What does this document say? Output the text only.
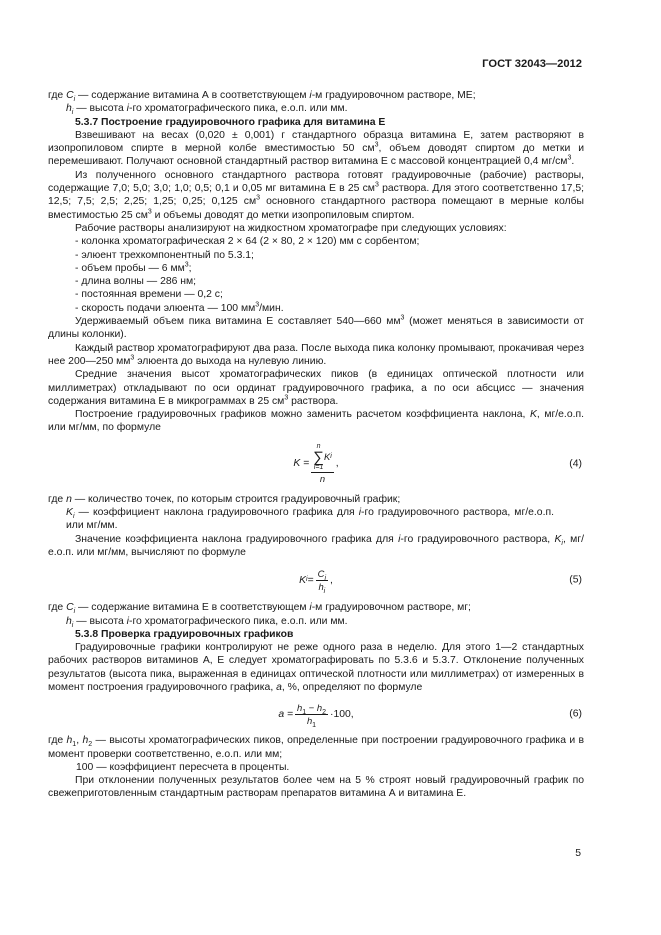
ГОСТ 32043—2012

где $C_i$ — содержание витамина А в соответствующем i-м градуировочном растворе, МЕ;

$h_i$ — высота i-го хроматографического пика, е.о.п. или мм.

5.3.7 Построение градуировочного графика для витамина Е

Взвешивают на весах (0,020 ± 0,001) г стандартного образца витамина Е, затем растворяют в изопропиловом спирте в мерной колбе вместимостью 50 $см^3$, объем доводят спиртом до метки и перемешивают. Получают основной стандартный раствор витамина Е с массовой концентрацией 0,4 $мг/см^3$.

Из полученного основного стандартного раствора готовят градуировочные (рабочие) растворы, содержащие 7,0; 5,0; 3,0; 1,0; 0,5; 0,1 и 0,05 мг витамина Е в 25 $см^3$ раствора. Для этого соответственно 17,5; 12,5; 7,5; 2,5; 2,25; 1,25; 0,25; 0,125 $см^3$ основного стандартного раствора помещают в мерные колбы вместимостью 25 $см^3$ и объемы доводят до метки изопропиловым спиртом.

Рабочие растворы анализируют на жидкостном хроматографе при следующих условиях:

- колонка хроматографическая 2 × 64 (2 × 80, 2 × 120) мм с сорбентом;

- элюент трехкомпонентный по 5.3.1;

- объем пробы — 6 $мм^3$;

- длина волны — 286 нм;

- постоянная времени — 0,2 с;

- скорость подачи элюента — 100 $мм^3$/мин.

Удерживаемый объем пика витамина Е составляет 540—660 $мм^3$ (может меняться в зависимости от длины колонки).

Каждый раствор хроматографируют два раза. После выхода пика колонку промывают, прокачивая через нее 200—250 $мм^3$ элюента до выхода на нулевую линию.

Средние значения высот хроматографических пиков (в единицах оптической плотности или миллиметрах) откладывают по оси ординат градуировочного графика, а по оси абсцисс — значения содержания витамина Е в микрограммах в 25 $см^3$ раствора.

Построение градуировочных графиков можно заменить расчетом коэффициента наклона, K, мг/е.о.п. или мг/мм, по формуле

K =
n
∑
i=1
K i
n
,	(4)

где n — количество точек, по которым строится градуировочный график;

$K_i$ — коэффициент наклона градуировочного графика для i-го градуировочного раствора, мг/е.о.п. или мг/мм.

Значение коэффициента наклона градуировочного графика для i-го градуировочного раствора, $K_i$, мг/е.о.п. или мг/мм, вычисляют по формуле

K $i = \frac{C_i}{h_i}$ ,	(5)

где $C_i$ — содержание витамина Е в соответствующем i-м градуировочном растворе, мг;

$h_i$ — высота i-го хроматографического пика, е.о.п. или мм.

5.3.8 Проверка градуировочных графиков

Градуировочные графики контролируют не реже одного раза в неделю. Для этого 1—2 стандартных рабочих растворов витаминов А, Е следует хроматографировать по 5.3.6 и 5.3.7. Отклонение полученных результатов (высота пика, выраженная в единицах оптической плотности или миллиметрах) от измеренных в момент построения градуировочного графика, a, %, определяют по формуле

$a = \frac{h_1 - h_2}{h_1} \cdot 100$,	(6)

где $h_1$, $h_2$ — высоты хроматографических пиков, определенные при построении градуировочного графика и в момент проверки соответственно, е.о.п. или мм;

100 — коэффициент пересчета в проценты.

При отклонении полученных результатов более чем на 5 % строят новый градуировочный график по свежеприготовленным стандартным растворам препаратов витамина А и витамина Е.

5
